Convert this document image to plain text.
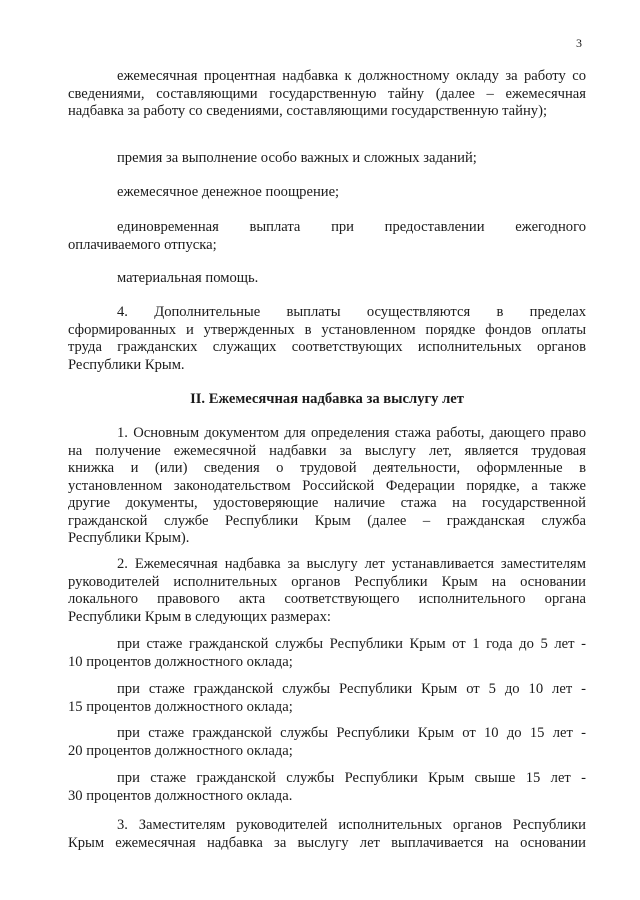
3
ежемесячная процентная надбавка к должностному окладу за работу со
сведениями, составляющими государственную тайну (далее – ежемесячная
надбавка за работу со сведениями, составляющими государственную тайну);
премия за выполнение особо важных и сложных заданий;
ежемесячное денежное поощрение;
единовременная выплата при предоставлении ежегодного
оплачиваемого отпуска;
материальная помощь.
4. Дополнительные выплаты осуществляются в пределах
сформированных и утвержденных в установленном порядке фондов оплаты
труда гражданских служащих соответствующих исполнительных органов
Республики Крым.
II. Ежемесячная надбавка за выслугу лет
1. Основным документом для определения стажа работы, дающего право
на получение ежемесячной надбавки за выслугу лет, является трудовая
книжка и (или) сведения о трудовой деятельности, оформленные в
установленном законодательством Российской Федерации порядке, а также
другие документы, удостоверяющие наличие стажа на государственной
гражданской службе Республики Крым (далее – гражданская служба
Республики Крым).
2. Ежемесячная надбавка за выслугу лет устанавливается заместителям
руководителей исполнительных органов Республики Крым на основании
локального правового акта соответствующего исполнительного органа
Республики Крым в следующих размерах:
при стаже гражданской службы Республики Крым от 1 года до 5 лет -
10 процентов должностного оклада;
при стаже гражданской службы Республики Крым от 5 до 10 лет -
15 процентов должностного оклада;
при стаже гражданской службы Республики Крым от 10 до 15 лет -
20 процентов должностного оклада;
при стаже гражданской службы Республики Крым свыше 15 лет -
30 процентов должностного оклада.
3. Заместителям руководителей исполнительных органов Республики
Крым ежемесячная надбавка за выслугу лет выплачивается на основании
